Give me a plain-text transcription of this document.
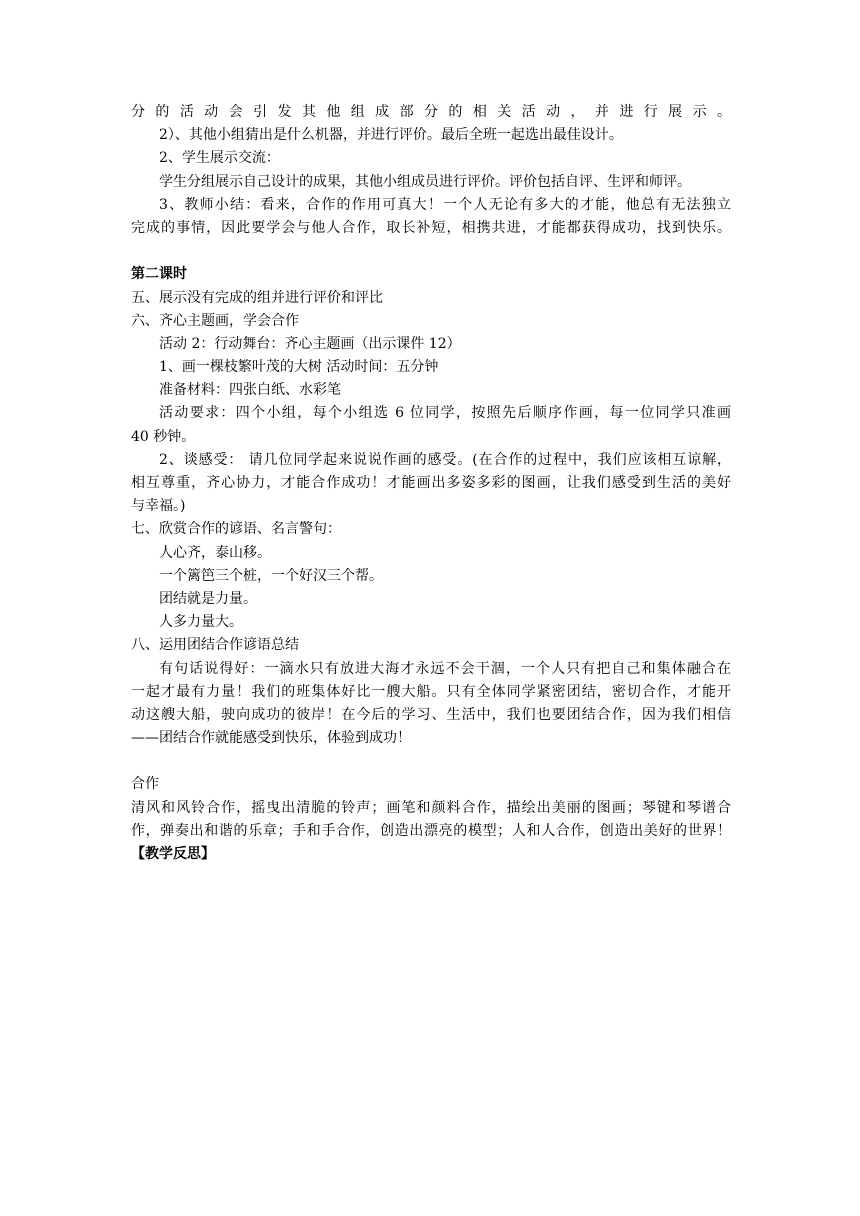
分的活动会引发其他组成部分的相关活动，并进行展示。
2）、其他小组猜出是什么机器，并进行评价。最后全班一起选出最佳设计。
2、学生展示交流：
学生分组展示自己设计的成果，其他小组成员进行评价。评价包括自评、生评和师评。
3、教师小结：看来，合作的作用可真大！一个人无论有多大的才能，他总有无法独立
完成的事情，因此要学会与他人合作，取长补短，相携共进，才能都获得成功，找到快乐。
第二课时
五、展示没有完成的组并进行评价和评比
六、齐心主题画，学会合作
活动 2：行动舞台：齐心主题画（出示课件 12）
1、画一棵枝繁叶茂的大树 活动时间：五分钟
准备材料：四张白纸、水彩笔
活动要求：四个小组，每个小组选 6 位同学，按照先后顺序作画，每一位同学只准画
40 秒钟。
2、谈感受： 请几位同学起来说说作画的感受。(在合作的过程中，我们应该相互谅解，
相互尊重，齐心协力，才能合作成功！才能画出多姿多彩的图画，让我们感受到生活的美好
与幸福。)
七、欣赏合作的谚语、名言警句：
人心齐，泰山移。
一个篱笆三个桩，一个好汉三个帮。
团结就是力量。
人多力量大。
八、运用团结合作谚语总结
有句话说得好：一滴水只有放进大海才永远不会干涸，一个人只有把自己和集体融合在
一起才最有力量！我们的班集体好比一艘大船。只有全体同学紧密团结，密切合作，才能开
动这艘大船，驶向成功的彼岸！在今后的学习、生活中，我们也要团结合作，因为我们相信
——团结合作就能感受到快乐，体验到成功！
合作
清风和风铃合作，摇曳出清脆的铃声；画笔和颜料合作，描绘出美丽的图画；琴键和琴谱合
作，弹奏出和谐的乐章；手和手合作，创造出漂亮的模型；人和人合作，创造出美好的世界！
【教学反思】
